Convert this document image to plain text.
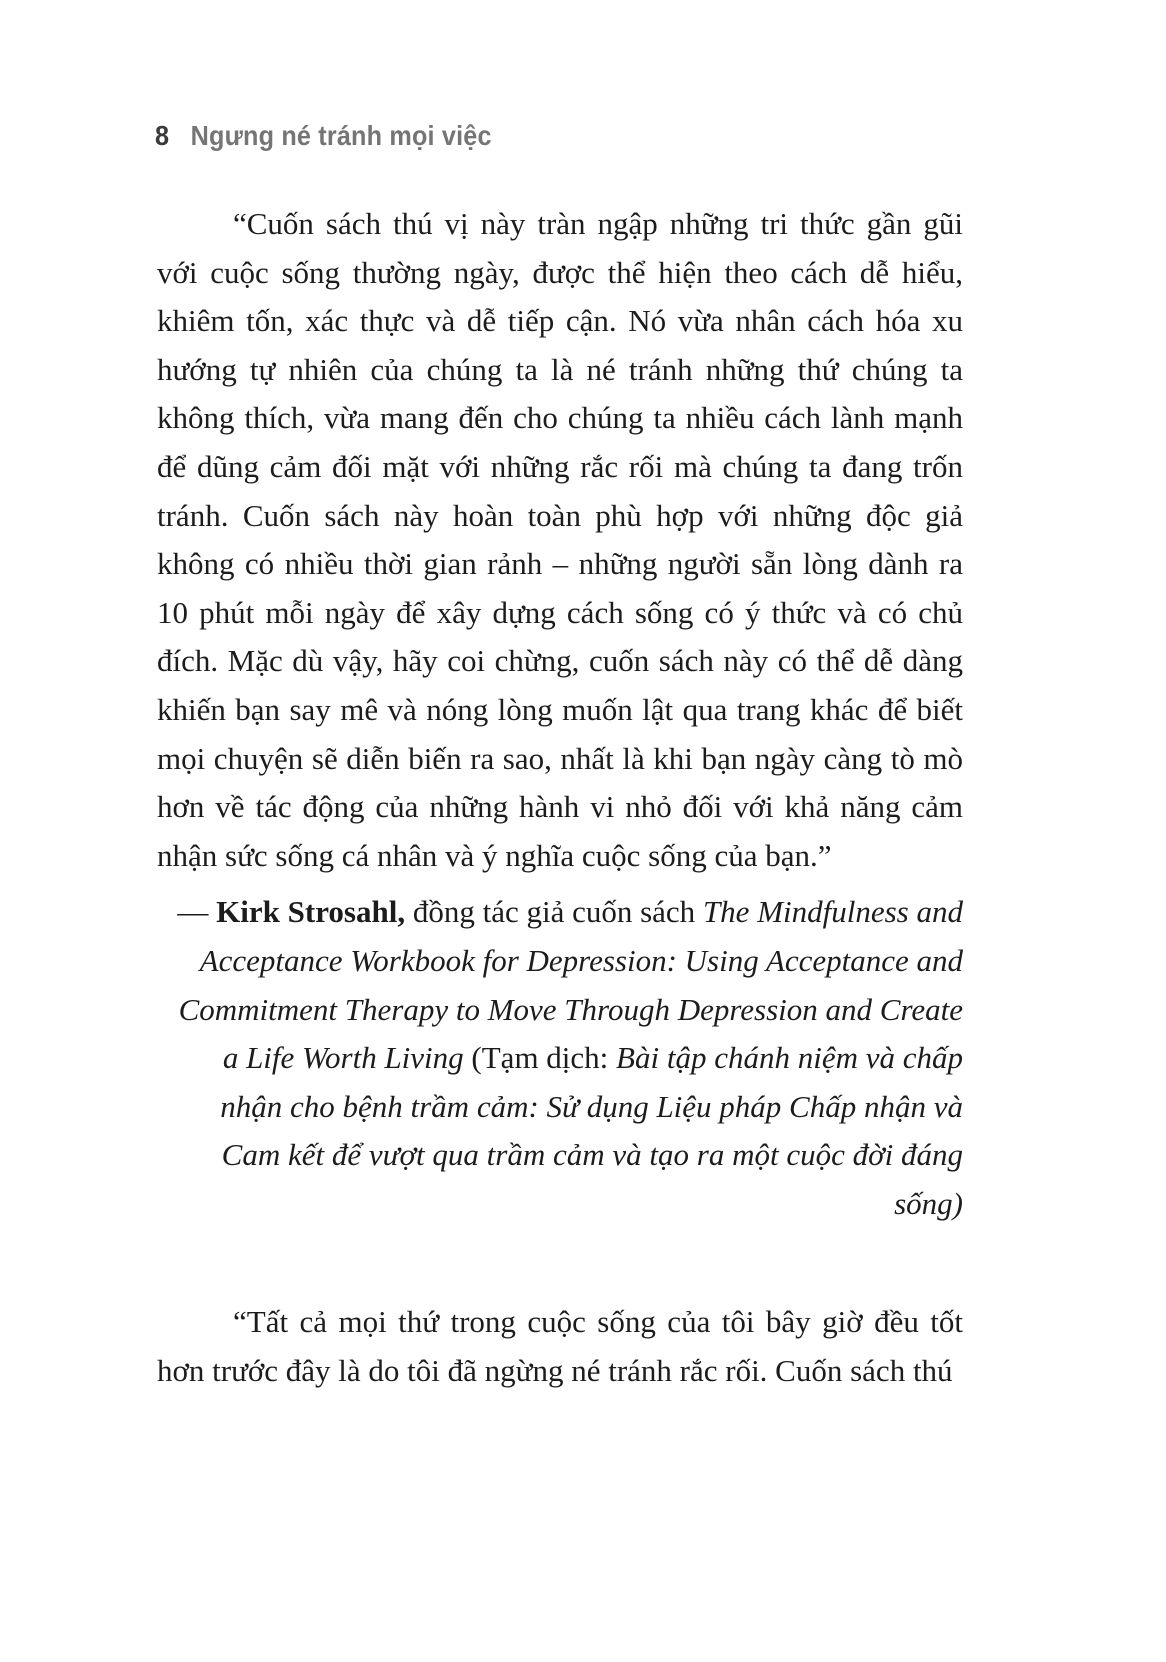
8 Ngưng né tránh mọi việc

“Cuốn sách thú vị này tràn ngập những tri thức gần gũi với cuộc sống thường ngày, được thể hiện theo cách dễ hiểu, khiêm tốn, xác thực và dễ tiếp cận. Nó vừa nhân cách hóa xu hướng tự nhiên của chúng ta là né tránh những thứ chúng ta không thích, vừa mang đến cho chúng ta nhiều cách lành mạnh để dũng cảm đối mặt với những rắc rối mà chúng ta đang trốn tránh. Cuốn sách này hoàn toàn phù hợp với những độc giả không có nhiều thời gian rảnh – những người sẵn lòng dành ra 10 phút mỗi ngày để xây dựng cách sống có ý thức và có chủ đích. Mặc dù vậy, hãy coi chừng, cuốn sách này có thể dễ dàng khiến bạn say mê và nóng lòng muốn lật qua trang khác để biết mọi chuyện sẽ diễn biến ra sao, nhất là khi bạn ngày càng tò mò hơn về tác động của những hành vi nhỏ đối với khả năng cảm nhận sức sống cá nhân và ý nghĩa cuộc sống của bạn.”

— Kirk Strosahl, đồng tác giả cuốn sách The Mindfulness and Acceptance Workbook for Depression: Using Acceptance and Commitment Therapy to Move Through Depression and Create a Life Worth Living (Tạm dịch: Bài tập chánh niệm và chấp nhận cho bệnh trầm cảm: Sử dụng Liệu pháp Chấp nhận và Cam kết để vượt qua trầm cảm và tạo ra một cuộc đời đáng sống)

“Tất cả mọi thứ trong cuộc sống của tôi bây giờ đều tốt hơn trước đây là do tôi đã ngừng né tránh rắc rối. Cuốn sách thú
